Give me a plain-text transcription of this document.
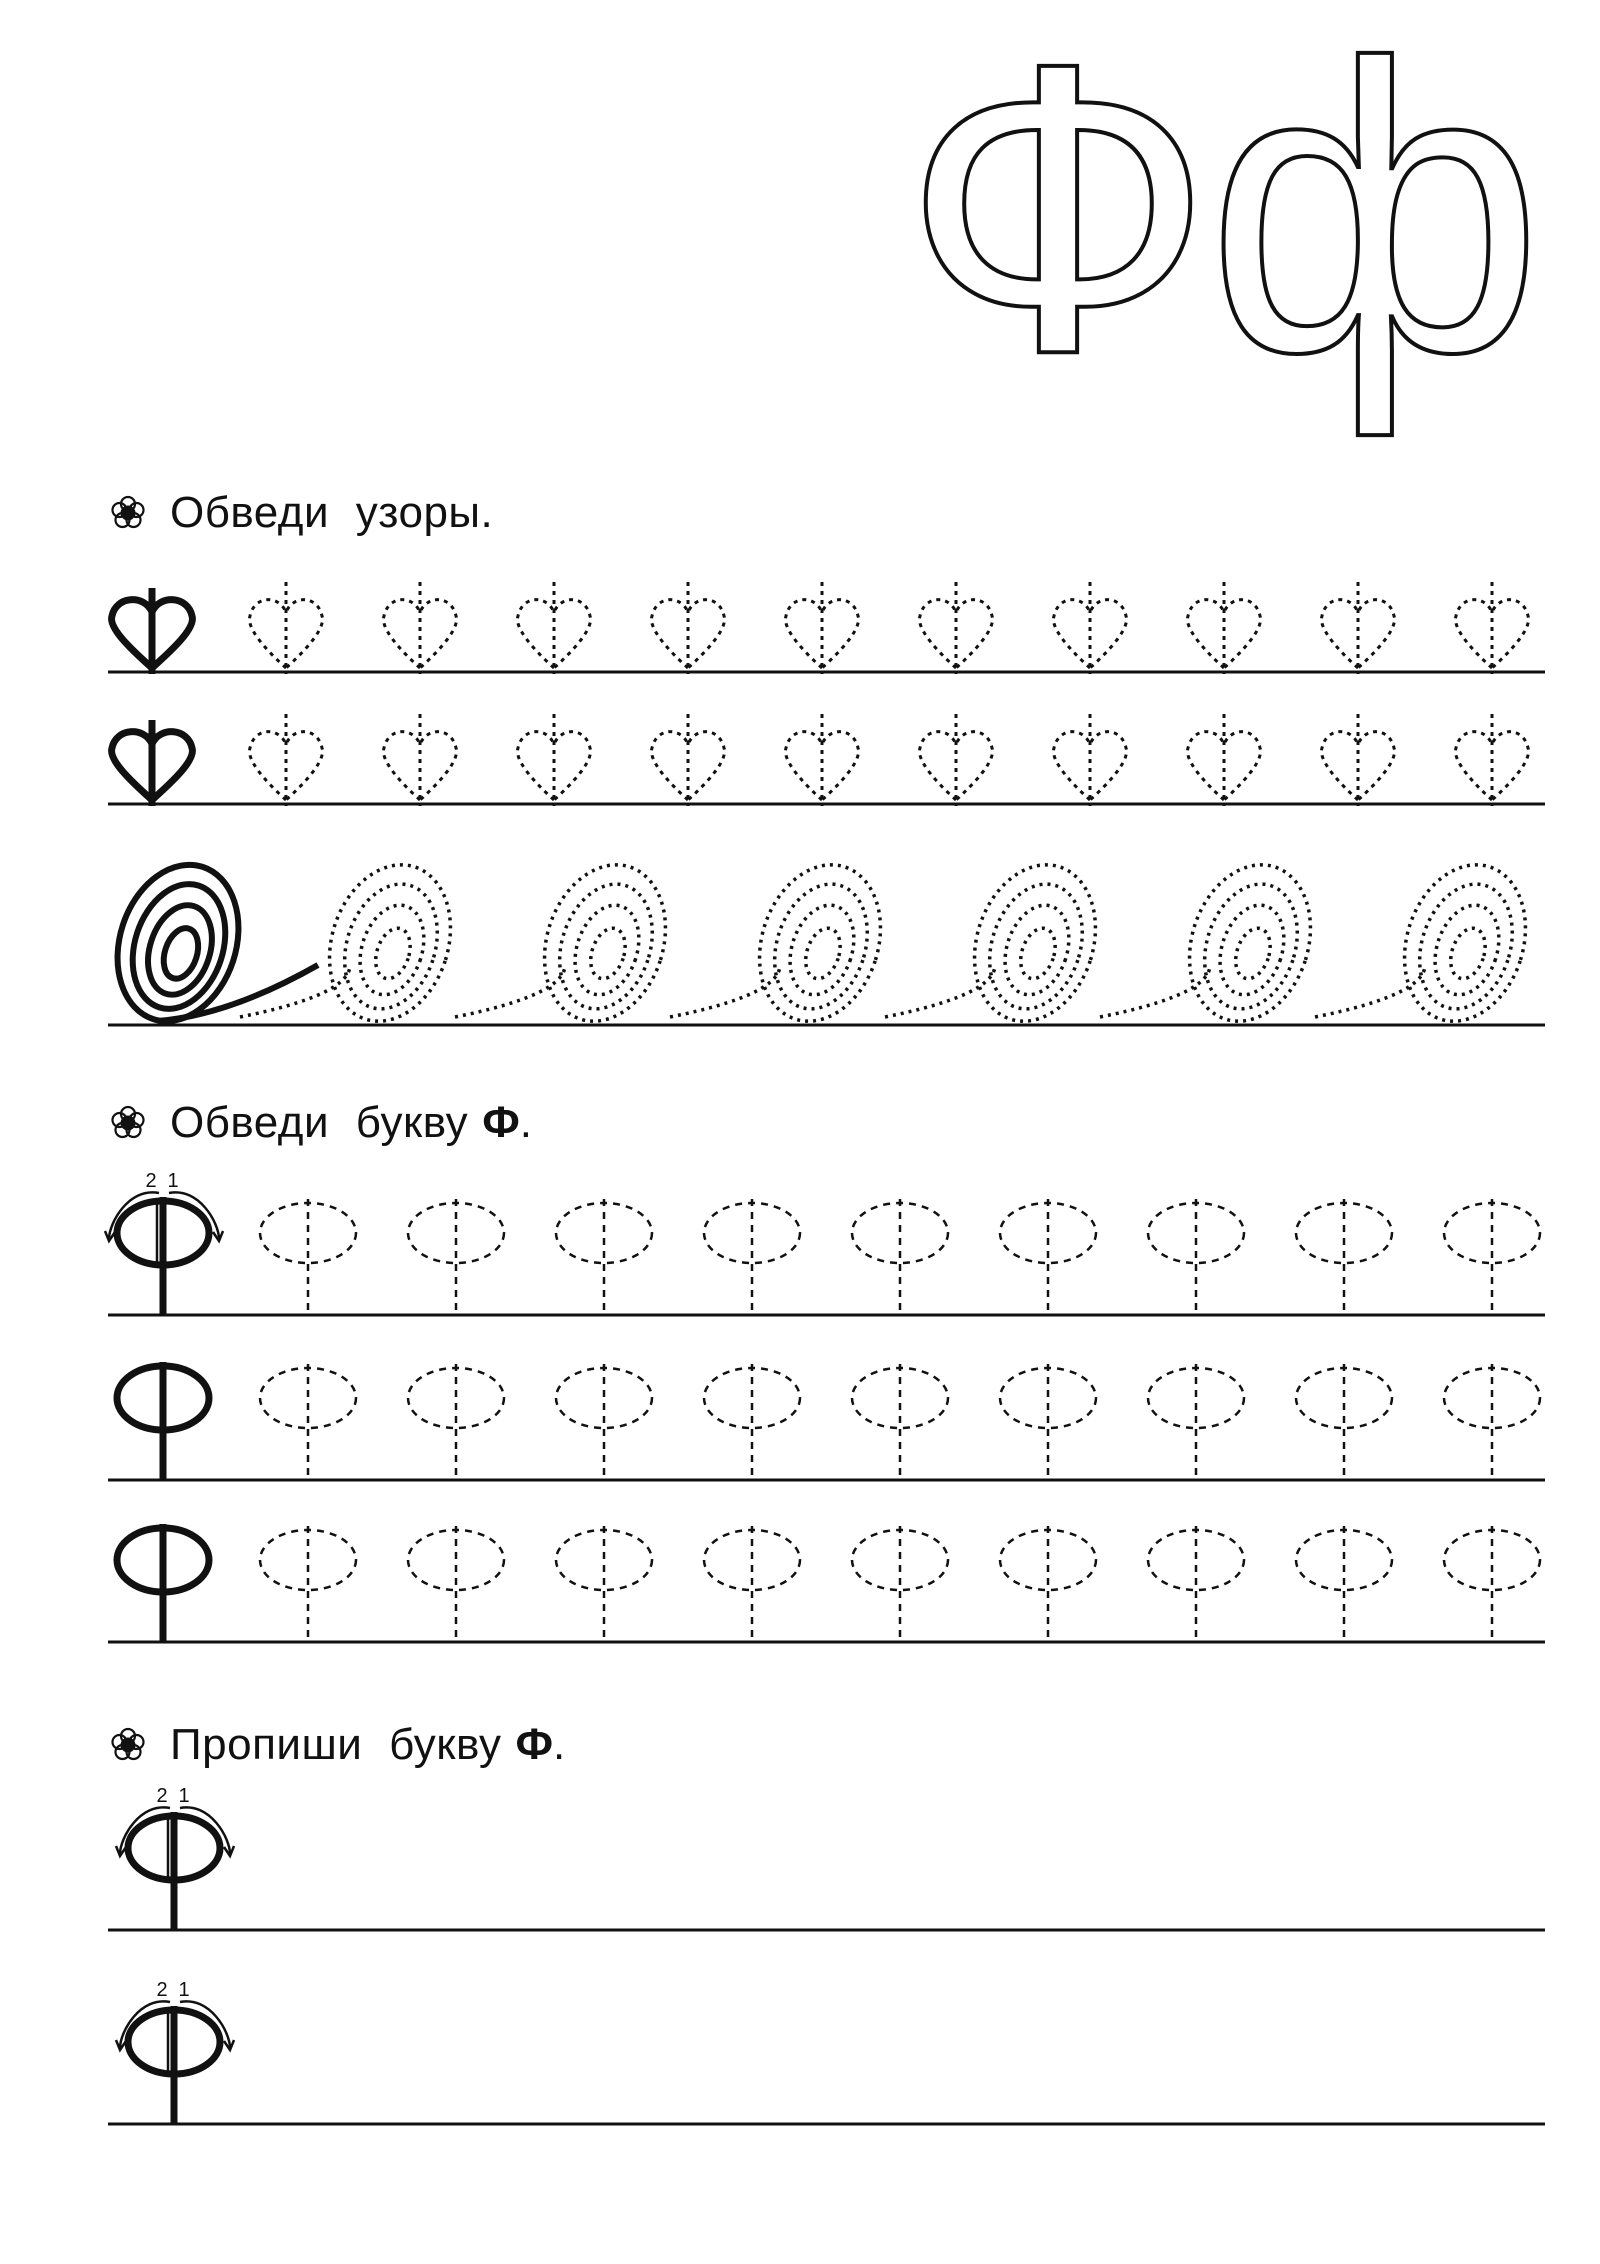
Обведи узоры.
Обведи букву Ф .
Пропиши букву Ф .
Ф
ф
2 1
2 1
2 1
